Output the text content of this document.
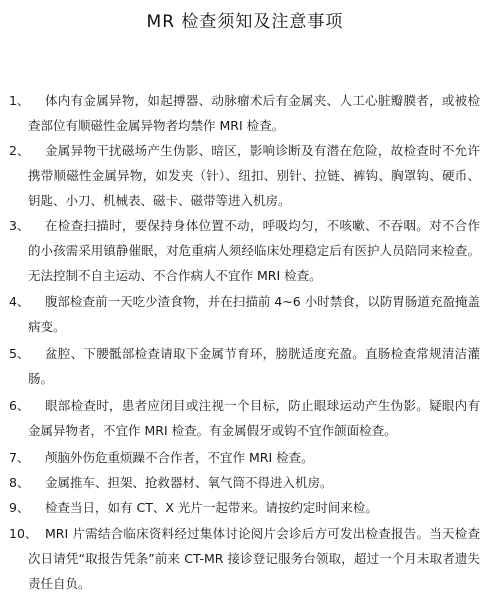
MR 检查须知及注意事项
1、	体内有金属异物，如起搏器、动脉瘤术后有金属夹、人工心脏瓣膜者，或被检查部位有顺磁性金属异物者均禁作 MRI 检查。
2、	金属异物干扰磁场产生伪影、暗区，影响诊断及有潜在危险，故检查时不允许携带顺磁性金属异物，如发夹（针）、纽扣、别针、拉链、裤钩、胸罩钩、硬币、钥匙、小刀、机械表、磁卡、磁带等进入机房。
3、	在检查扫描时，要保持身体位置不动，呼吸均匀，不咳嗽、不吞咽。对不合作的小孩需采用镇静催眠，对危重病人须经临床处理稳定后有医护人员陪同来检查。无法控制不自主运动、不合作病人不宜作 MRI 检查。
4、	腹部检查前一天吃少渣食物，并在扫描前 4~6 小时禁食，以防胃肠道充盈掩盖病变。
5、	盆腔、下腰骶部检查请取下金属节育环，膀胱适度充盈。直肠检查常规清洁灌肠。
6、	眼部检查时，患者应闭目或注视一个目标，防止眼球运动产生伪影。疑眼内有金属异物者，不宜作 MRI 检查。有金属假牙或钩不宜作颌面检查。
7、	颅脑外伤危重烦躁不合作者，不宜作 MRI 检查。
8、	金属推车、担架、抢救器材、氧气筒不得进入机房。
9、	检查当日，如有 CT、X 光片一起带来。请按约定时间来检。
10、 MRI 片需结合临床资料经过集体讨论阅片会诊后方可发出检查报告。当天检查次日请凭“取报告凭条”前来 CT-MR 接诊登记服务台领取，超过一个月未取者遗失责任自负。
